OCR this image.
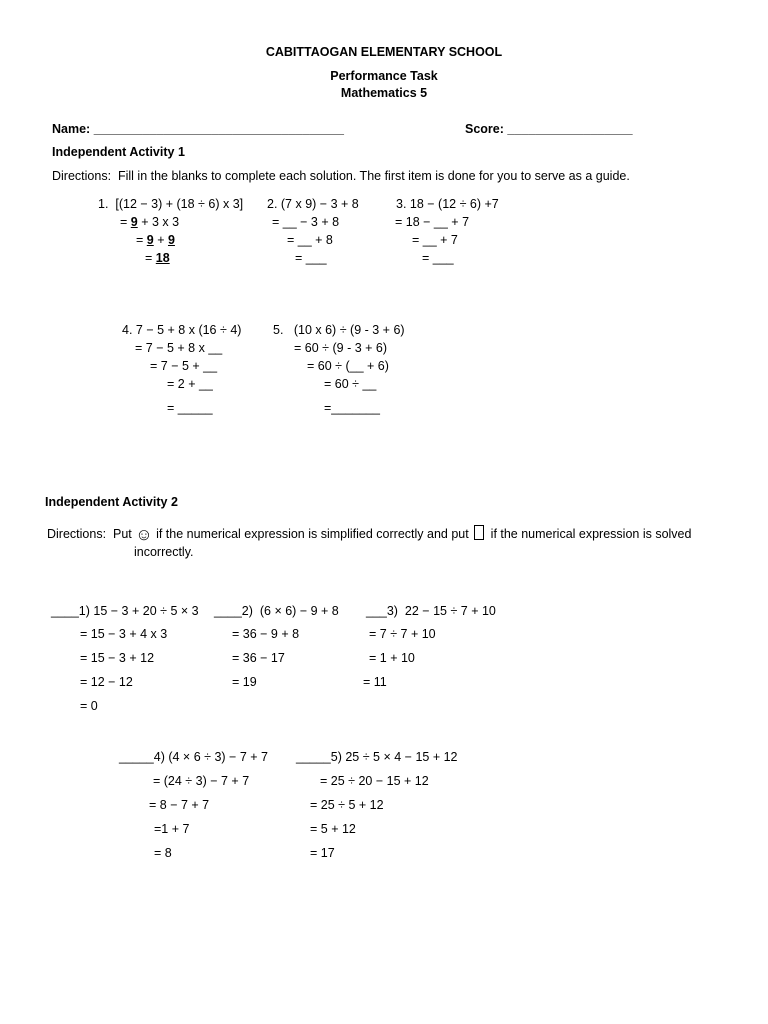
CABITTAOGAN ELEMENTARY SCHOOL
Performance Task
Mathematics 5
Name: ____________________________________	Score: __________________
Independent Activity 1
Directions:  Fill in the blanks to complete each solution. The first item is done for you to serve as a guide.
1.  [(12 − 3) + (18 ÷ 6) x 3]
= 9 + 3 x 3
= 9 + 9
= 18
2. (7 x 9) − 3 + 8
= __ − 3 + 8
= __ + 8
= ___
3. 18 − (12 ÷ 6) +7
= 18 − __ + 7
= __ + 7
= ___
4. 7 − 5 + 8 x (16 ÷ 4)
= 7 − 5 + 8 x __
= 7 − 5 + __
= 2 + __
= _____
5.   (10 x 6) ÷ (9 - 3 + 6)
= 60 ÷ (9 - 3 + 6)
= 60 ÷ (__ + 6)
= 60 ÷ __
=_______
Independent Activity 2
Directions:  Put ☺ if the numerical expression is simplified correctly and put  if the numerical expression is solved
incorrectly.
____1) 15 − 3 + 20 ÷ 5 × 3
= 15 − 3 + 4 x 3
= 15 − 3 + 12
= 12 − 12
= 0
____2)  (6 × 6) − 9 + 8
= 36 − 9 + 8
= 36 − 17
= 19
___3)  22 − 15 ÷ 7 + 10
= 7 ÷ 7 + 10
= 1 + 10
= 11
_____4) (4 × 6 ÷ 3) − 7 + 7
= (24 ÷ 3) − 7 + 7
= 8 − 7 + 7
=1 + 7
= 8
_____5) 25 ÷ 5 × 4 − 15 + 12
= 25 ÷ 20 − 15 + 12
= 25 ÷ 5 + 12
= 5 + 12
= 17
